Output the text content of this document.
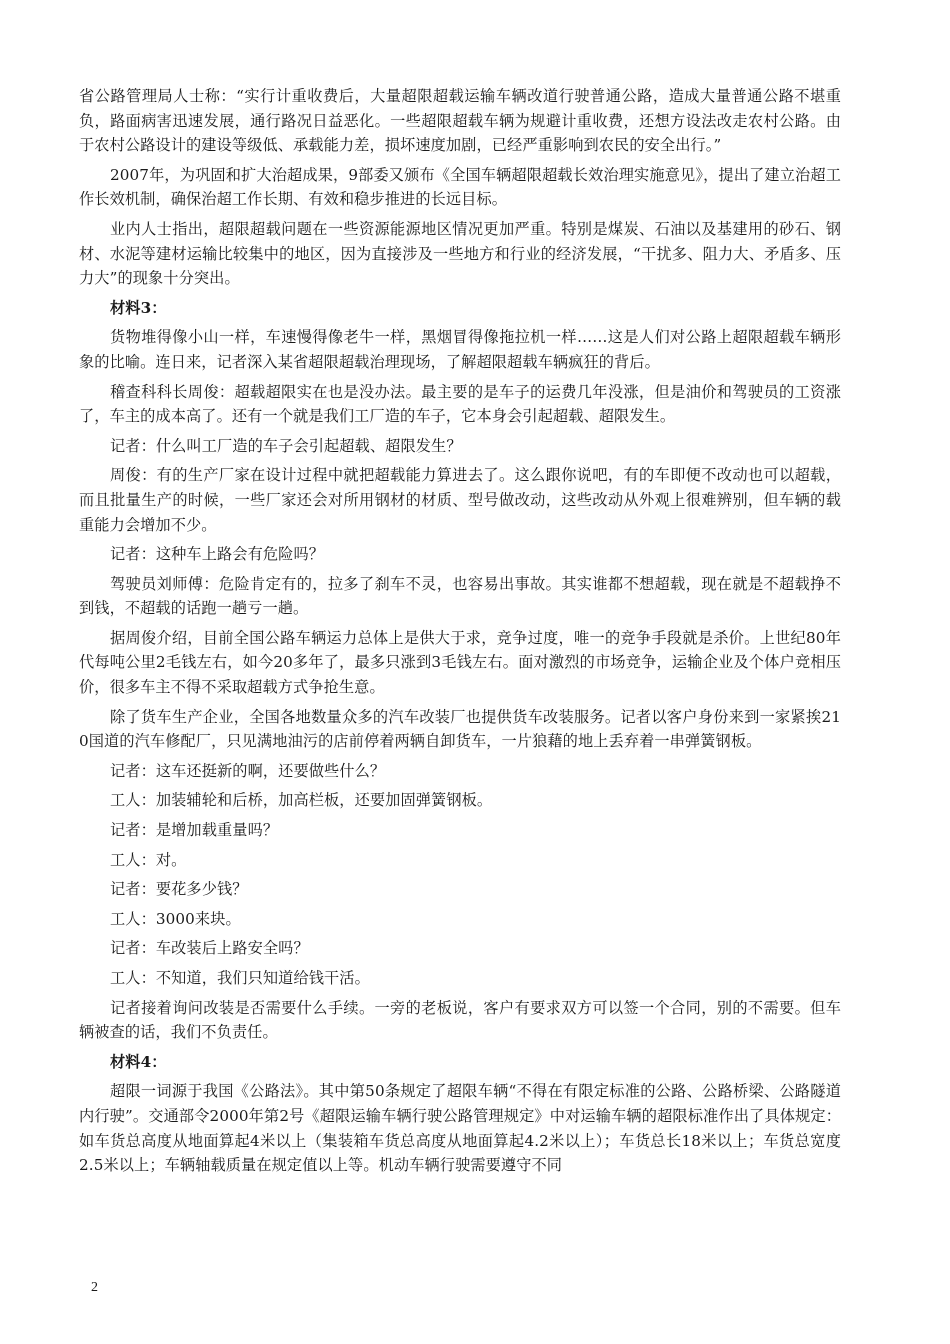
省公路管理局人士称：“实行计重收费后，大量超限超载运输车辆改道行驶普通公路，造成大量普通公路不堪重负，路面病害迅速发展，通行路况日益恶化。一些超限超载车辆为规避计重收费，还想方设法改走农村公路。由于农村公路设计的建设等级低、承载能力差，损坏速度加剧，已经严重影响到农民的安全出行。”

2007年，为巩固和扩大治超成果，9部委又颁布《全国车辆超限超载长效治理实施意见》，提出了建立治超工作长效机制，确保治超工作长期、有效和稳步推进的长远目标。

业内人士指出，超限超载问题在一些资源能源地区情况更加严重。特别是煤炭、石油以及基建用的砂石、钢材、水泥等建材运输比较集中的地区，因为直接涉及一些地方和行业的经济发展，“干扰多、阻力大、矛盾多、压力大”的现象十分突出。

材料3：

货物堆得像小山一样，车速慢得像老牛一样，黑烟冒得像拖拉机一样……这是人们对公路上超限超载车辆形象的比喻。连日来，记者深入某省超限超载治理现场，了解超限超载车辆疯狂的背后。

稽查科科长周俊：超载超限实在也是没办法。最主要的是车子的运费几年没涨，但是油价和驾驶员的工资涨了，车主的成本高了。还有一个就是我们工厂造的车子，它本身会引起超载、超限发生。

记者：什么叫工厂造的车子会引起超载、超限发生？

周俊：有的生产厂家在设计过程中就把超载能力算进去了。这么跟你说吧，有的车即便不改动也可以超载，而且批量生产的时候，一些厂家还会对所用钢材的材质、型号做改动，这些改动从外观上很难辨别，但车辆的载重能力会增加不少。

记者：这种车上路会有危险吗？

驾驶员刘师傅：危险肯定有的，拉多了刹车不灵，也容易出事故。其实谁都不想超载，现在就是不超载挣不到钱，不超载的话跑一趟亏一趟。

据周俊介绍，目前全国公路车辆运力总体上是供大于求，竞争过度，唯一的竞争手段就是杀价。上世纪80年代每吨公里2毛钱左右，如今20多年了，最多只涨到3毛钱左右。面对激烈的市场竞争，运输企业及个体户竞相压价，很多车主不得不采取超载方式争抢生意。

除了货车生产企业，全国各地数量众多的汽车改装厂也提供货车改装服务。记者以客户身份来到一家紧挨210国道的汽车修配厂，只见满地油污的店前停着两辆自卸货车，一片狼藉的地上丢弃着一串弹簧钢板。

记者：这车还挺新的啊，还要做些什么？

工人：加装辅轮和后桥，加高栏板，还要加固弹簧钢板。

记者：是增加载重量吗？

工人：对。

记者：要花多少钱？

工人：3000来块。

记者：车改装后上路安全吗？

工人：不知道，我们只知道给钱干活。

记者接着询问改装是否需要什么手续。一旁的老板说，客户有要求双方可以签一个合同，别的不需要。但车辆被查的话，我们不负责任。

材料4：

超限一词源于我国《公路法》。其中第50条规定了超限车辆“不得在有限定标准的公路、公路桥梁、公路隧道内行驶”。交通部令2000年第2号《超限运输车辆行驶公路管理规定》中对运输车辆的超限标准作出了具体规定：如车货总高度从地面算起4米以上（集装箱车货总高度从地面算起4.2米以上）；车货总长18米以上；车货总宽度2.5米以上；车辆轴载质量在规定值以上等。机动车辆行驶需要遵守不同

2
